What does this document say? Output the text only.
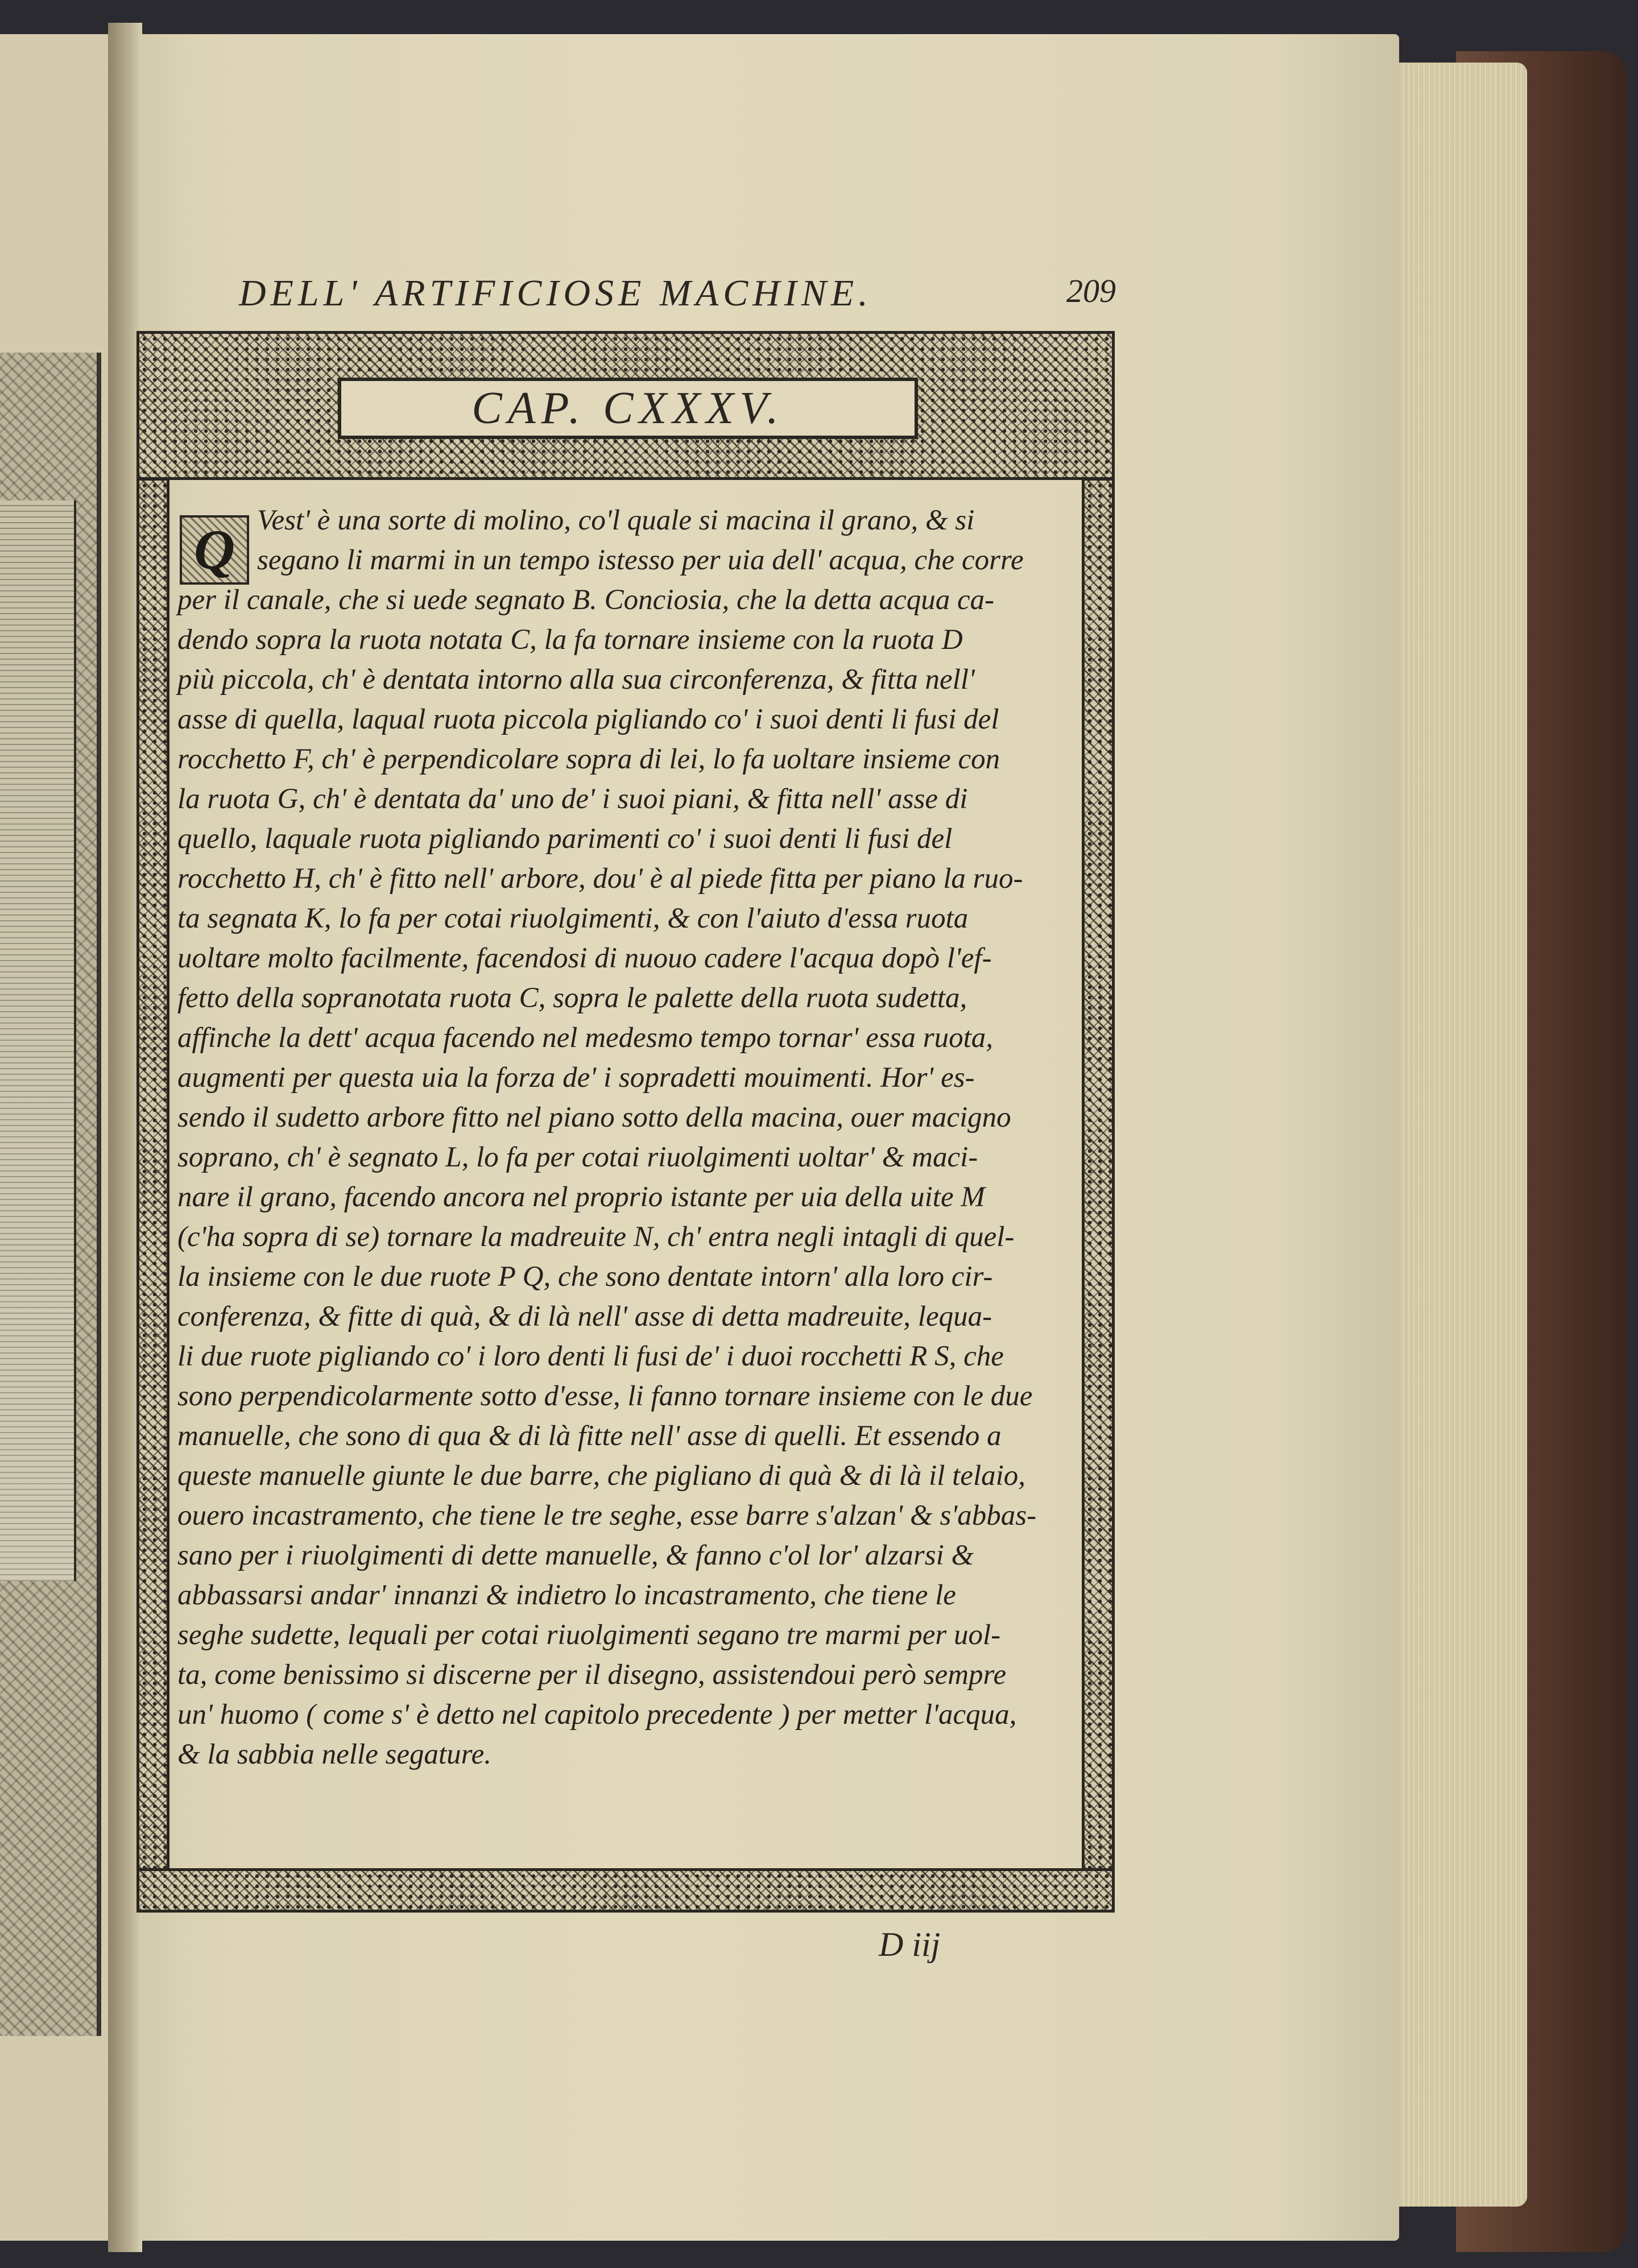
DELL' ARTIFICIOSE MACHINE.	209
CAP. CXXXV.
Q Vest' è una sorte di molino, co'l quale si macina il grano, & si
segano li marmi in un tempo istesso per uia dell' acqua, che corre
per il canale, che si uede segnato B. Conciosia, che la detta acqua ca-
dendo sopra la ruota notata C, la fa tornare insieme con la ruota D
più piccola, ch' è dentata intorno alla sua circonferenza, & fitta nell'
asse di quella, laqual ruota piccola pigliando co' i suoi denti li fusi del
rocchetto F, ch' è perpendicolare sopra di lei, lo fa uoltare insieme con
la ruota G, ch' è dentata da' uno de' i suoi piani, & fitta nell' asse di
quello, laquale ruota pigliando parimenti co' i suoi denti li fusi del
rocchetto H, ch' è fitto nell' arbore, dou' è al piede fitta per piano la ruo-
ta segnata K, lo fa per cotai riuolgimenti, & con l'aiuto d'essa ruota
uoltare molto facilmente, facendosi di nuouo cadere l'acqua dopò l'ef-
fetto della sopranotata ruota C, sopra le palette della ruota sudetta,
affinche la dett' acqua facendo nel medesmo tempo tornar' essa ruota,
augmenti per questa uia la forza de' i sopradetti mouimenti. Hor' es-
sendo il sudetto arbore fitto nel piano sotto della macina, ouer macigno
soprano, ch' è segnato L, lo fa per cotai riuolgimenti uoltar' & maci-
nare il grano, facendo ancora nel proprio istante per uia della uite M
(c'ha sopra di se) tornare la madreuite N, ch' entra negli intagli di quel-
la insieme con le due ruote P Q, che sono dentate intorn' alla loro cir-
conferenza, & fitte di quà, & di là nell' asse di detta madreuite, lequa-
li due ruote pigliando co' i loro denti li fusi de' i duoi rocchetti R S, che
sono perpendicolarmente sotto d'esse, li fanno tornare insieme con le due
manuelle, che sono di qua & di là fitte nell' asse di quelli. Et essendo a
queste manuelle giunte le due barre, che pigliano di quà & di là il telaio,
ouero incastramento, che tiene le tre seghe, esse barre s'alzan' & s'abbas-
sano per i riuolgimenti di dette manuelle, & fanno c'ol lor' alzarsi &
abbassarsi andar' innanzi & indietro lo incastramento, che tiene le
seghe sudette, lequali per cotai riuolgimenti segano tre marmi per uol-
ta, come benissimo si discerne per il disegno, assistendoui però sempre
un' huomo ( come s' è detto nel capitolo precedente ) per metter l'acqua,
& la sabbia nelle segature.
D iij
